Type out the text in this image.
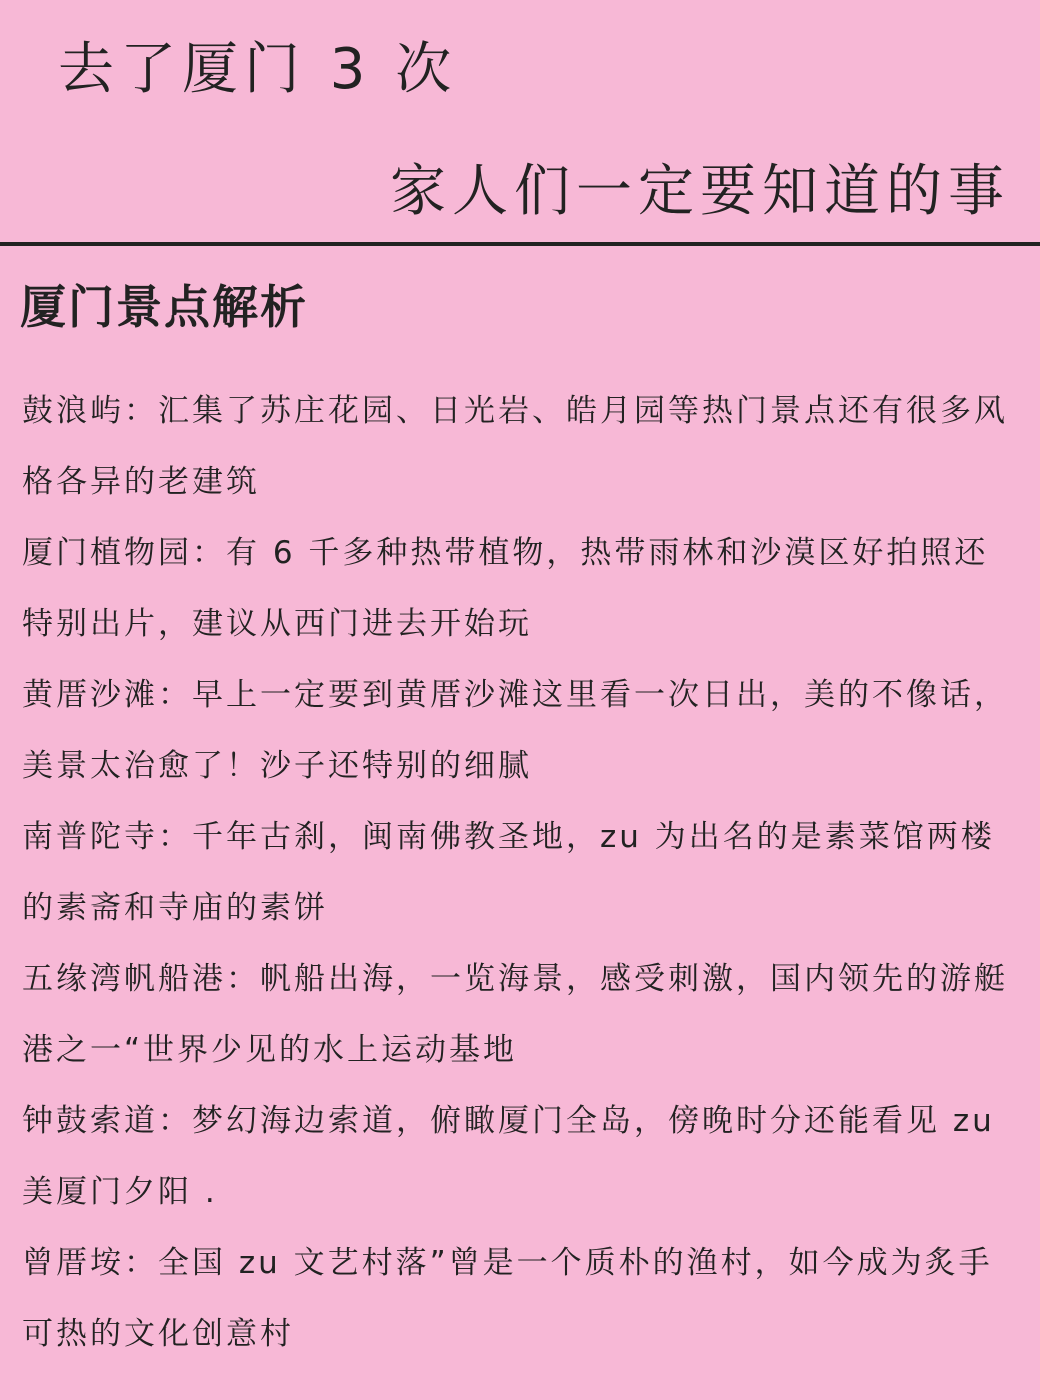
去了厦门 3 次
家人们一定要知道的事
厦门景点解析

鼓浪屿：汇集了苏庄花园、日光岩、皓月园等热门景点还有很多风格各异的老建筑

厦门植物园：有 6 千多种热带植物，热带雨林和沙漠区好拍照还特别出片，建议从西门进去开始玩

黄厝沙滩：早上一定要到黄厝沙滩这里看一次日出，美的不像话，美景太治愈了！沙子还特别的细腻

南普陀寺：千年古刹，闽南佛教圣地，zu 为出名的是素菜馆两楼的素斋和寺庙的素饼

五缘湾帆船港：帆船出海，一览海景，感受刺激，国内领先的游艇港之一“世界少见的水上运动基地

钟鼓索道：梦幻海边索道，俯瞰厦门全岛，傍晚时分还能看见 zu 美厦门夕阳 .

曾厝垵：全国 zu 文艺村落”曾是一个质朴的渔村，如今成为炙手可热的文化创意村
